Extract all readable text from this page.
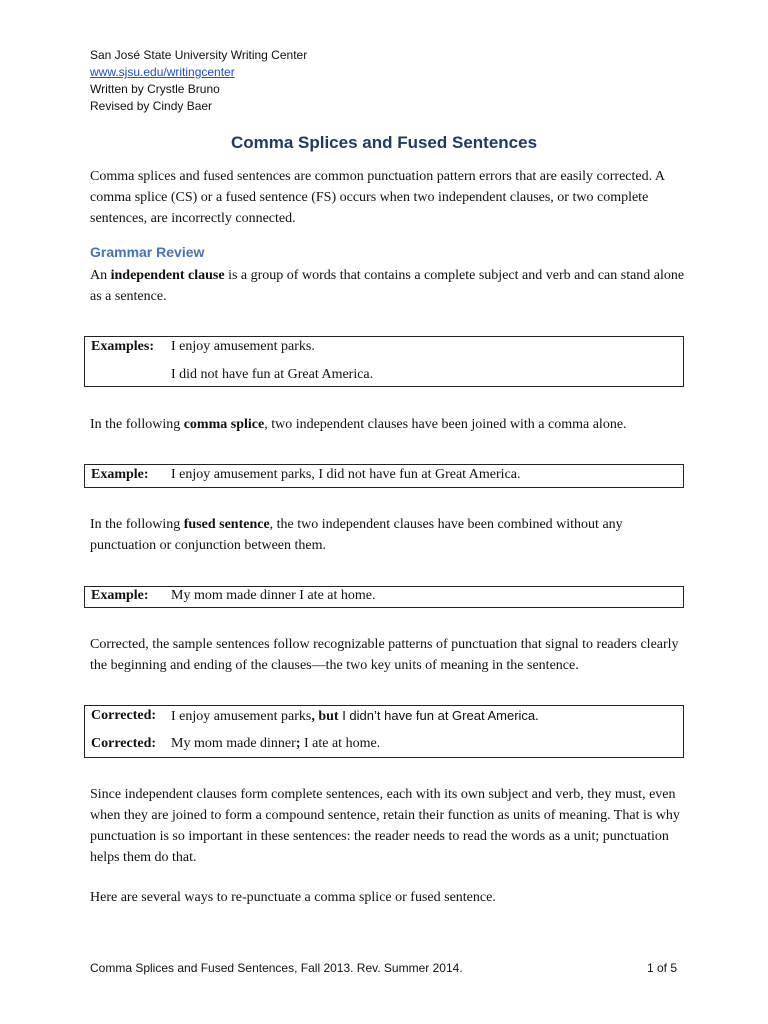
San José State University Writing Center
www.sjsu.edu/writingcenter
Written by Crystle Bruno
Revised by Cindy Baer
Comma Splices and Fused Sentences
Comma splices and fused sentences are common punctuation pattern errors that are easily corrected. A comma splice (CS) or a fused sentence (FS) occurs when two independent clauses, or two complete sentences, are incorrectly connected.
Grammar Review
An independent clause is a group of words that contains a complete subject and verb and can stand alone as a sentence.
Examples: I enjoy amusement parks.
I did not have fun at Great America.
In the following comma splice, two independent clauses have been joined with a comma alone.
Example: I enjoy amusement parks, I did not have fun at Great America.
In the following fused sentence, the two independent clauses have been combined without any punctuation or conjunction between them.
Example: My mom made dinner I ate at home.
Corrected, the sample sentences follow recognizable patterns of punctuation that signal to readers clearly the beginning and ending of the clauses—the two key units of meaning in the sentence.
Corrected: I enjoy amusement parks, but I didn’t have fun at Great America.
Corrected: My mom made dinner; I ate at home.
Since independent clauses form complete sentences, each with its own subject and verb, they must, even when they are joined to form a compound sentence, retain their function as units of meaning. That is why punctuation is so important in these sentences: the reader needs to read the words as a unit; punctuation helps them do that.
Here are several ways to re-punctuate a comma splice or fused sentence.
Comma Splices and Fused Sentences, Fall 2013. Rev. Summer 2014.	1 of 5
